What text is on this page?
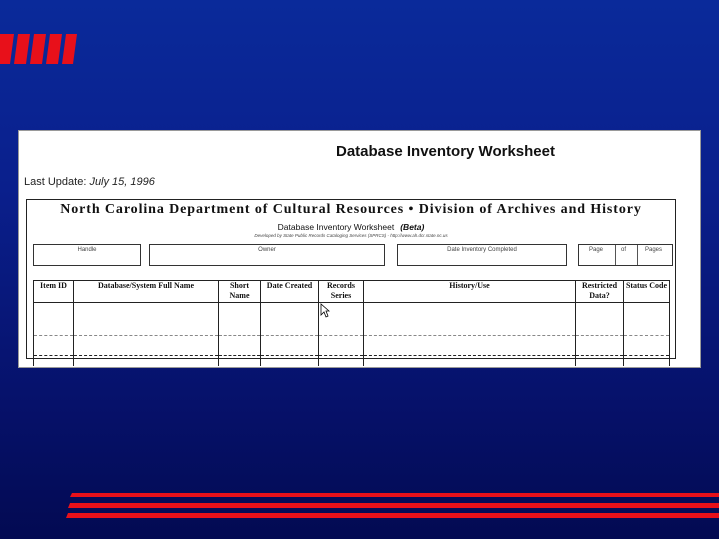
Database Inventory Worksheet
Last Update: July 15, 1996
North Carolina Department of Cultural Resources • Division of Archives and History
Database Inventory Worksheet (Beta)
Developed by State Public Records Cataloging Services (SPRCS) - http://www.ah.dcr.state.nc.us
Handle	Owner	Date Inventory Completed	Page	of	Pages
Item ID	Database/System Full Name	Short Name	Date Created	Records Series	History/Use	Restricted Data?	Status Code
